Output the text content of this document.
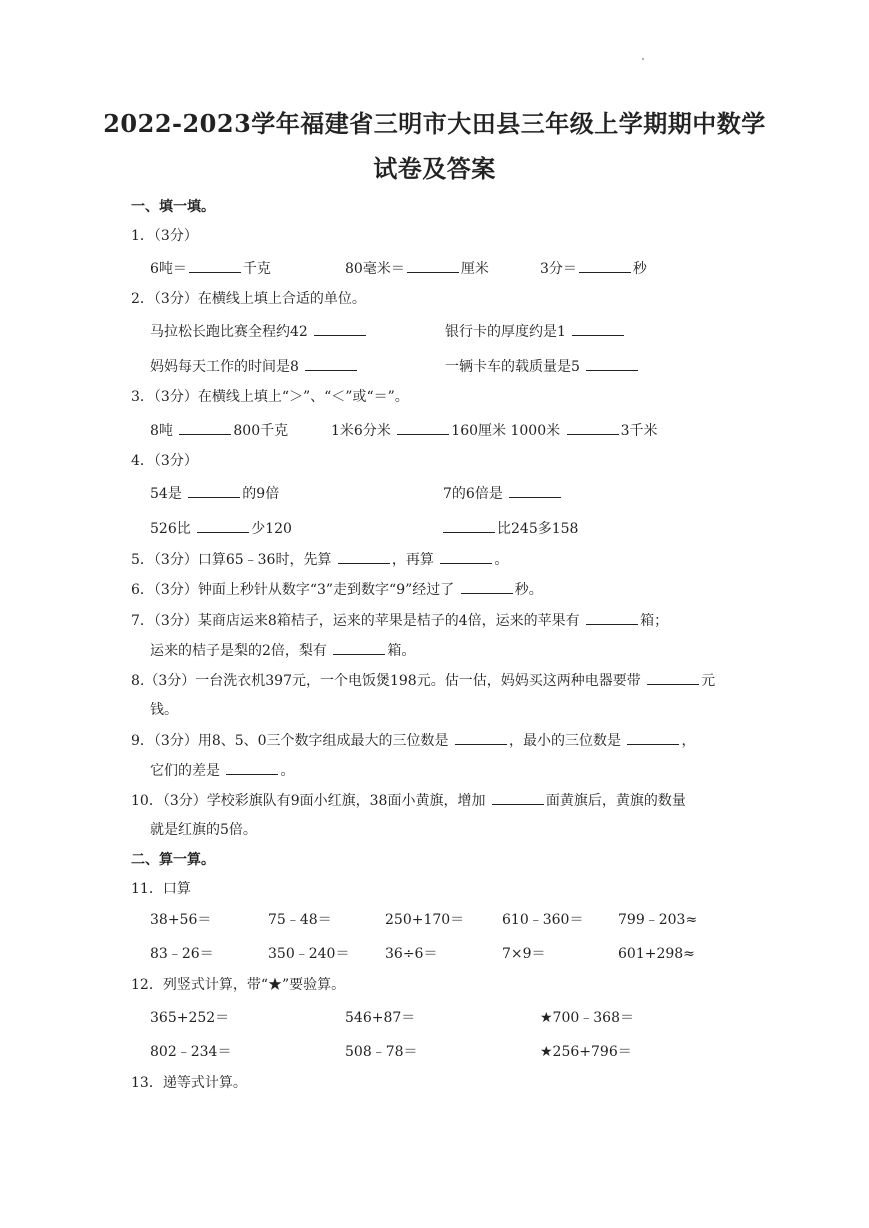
2022-2023学年福建省三明市大田县三年级上学期期中数学
试卷及答案
一、填一填。
1．（3分）
6吨＝	千克	80毫米＝	厘米	3分＝	秒
2．（3分）在横线上填上合适的单位。
马拉松长跑比赛全程约42	银行卡的厚度约是1
妈妈每天工作的时间是8	一辆卡车的载质量是5
3．（3分）在横线上填上“＞”、“＜”或“＝”。
8吨	800千克	1米6分米	160厘米 1000米	3千米
4．（3分）
54是	的9倍	7的6倍是
526比	少120	比245多158
5．（3分）口算65﹣36时，先算	，再算	。
6．（3分）钟面上秒针从数字“3”走到数字“9”经过了	秒。
7．（3分）某商店运来8箱桔子，运来的苹果是桔子的4倍，运来的苹果有	箱；
运来的桔子是梨的2倍，梨有	箱。
8.（3分）一台洗衣机397元，一个电饭煲198元。估一估，妈妈买这两种电器要带	元
钱。
9．（3分）用8、5、0三个数字组成最大的三位数是	，最小的三位数是	，
它们的差是	。
10．（3分）学校彩旗队有9面小红旗，38面小黄旗，增加	面黄旗后，黄旗的数量
就是红旗的5倍。
二、算一算。
11．口算
38+56＝	75﹣48＝	250+170＝	610﹣360＝ 799﹣203≈
83﹣26＝	350﹣240＝	36÷6＝	7×9＝	601+298≈
12．列竖式计算，带“★”要验算。
365+252＝	546+87＝	★700﹣368＝
802﹣234＝	508﹣78＝	★256+796＝
13．递等式计算。
